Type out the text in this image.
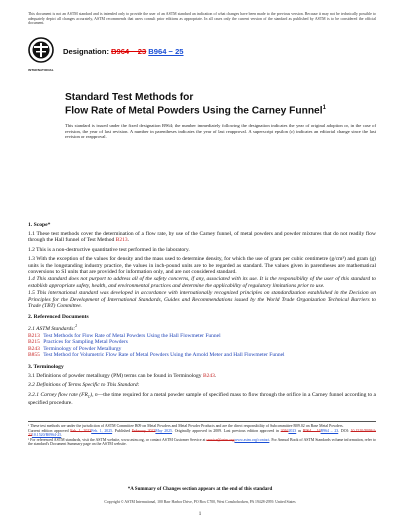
This document is not an ASTM standard and is intended only to provide the user of an ASTM standard an indication of what changes have been made to the previous version. Because it may not be technically possible to adequately depict all changes accurately, ASTM recommends that users consult prior editions as appropriate. In all cases only the current version of the standard as published by ASTM is to be considered the official document.

INTERNATIONAL
Designation: B964 − 23 B964 − 25
Standard Test Methods for
Flow Rate of Metal Powders Using the Carney Funnel$^1$

This standard is issued under the fixed designation B964; the number immediately following the designation indicates the year of original adoption or, in the case of revision, the year of last revision. A number in parentheses indicates the year of last reapproval. A superscript epsilon (ε) indicates an editorial change since the last revision or reapproval.

1. Scope*

1.1 These test methods cover the determination of a flow rate, by use of the Carney funnel, of metal powders and powder mixtures that do not readily flow through the Hall funnel of Test Method B213.

1.2 This is a non-destructive quantitative test performed in the laboratory.

1.3 With the exception of the values for density and the mass used to determine density, for which the use of gram per cubic centimetre (g/cm³) and gram (g) units is the longstanding industry practice, the values in inch-pound units are to be regarded as standard. The values given in parentheses are mathematical conversions to SI units that are provided for information only, and are not considered standard.

1.4 This standard does not purport to address all of the safety concerns, if any, associated with its use. It is the responsibility of the user of this standard to establish appropriate safety, health, and environmental practices and determine the applicability of regulatory limitations prior to use.

1.5 This international standard was developed in accordance with internationally recognized principles on standardization established in the Decision on Principles for the Development of International Standards, Guides and Recommendations issued by the World Trade Organization Technical Barriers to Trade (TBT) Committee.

2. Referenced Documents

2.1 ASTM Standards:$^2$

B213 Test Methods for Flow Rate of Metal Powders Using the Hall Flowmeter Funnel
B215 Practices for Sampling Metal Powders
B243 Terminology of Powder Metallurgy
B855 Test Method for Volumetric Flow Rate of Metal Powders Using the Arnold Meter and Hall Flowmeter Funnel

3. Terminology

3.1 Definitions of powder metallurgy (PM) terms can be found in Terminology B243.

3.2 Definitions of Terms Specific to This Standard:

3.2.1 Carney flow rate $(FR_C)$, n—the time required for a metal powder sample of specified mass to flow through the orifice in a Carney funnel according to a specified procedure.

¹ These test methods are under the jurisdiction of ASTM Committee B09 on Metal Powders and Metal Powder Products and are the direct responsibility of Subcommittee B09.02 on Base Metal Powders.

Current edition approved Feb. 1, 2023Feb. 1, 2025. Published February 2023May 2025. Originally approved in 2009. Last previous edition approved in 20162023 as B964 – 16B964 – 23. DOI: 10.1520/B0964-2310.1520/B0964-25.

² For referenced ASTM standards, visit the ASTM website, www.astm.org, or contact ASTM Customer Service at service@astm.orgwww.astm.org/contact. For Annual Book of ASTM Standards volume information, refer to the standard's Document Summary page on the ASTM website.

*A Summary of Changes section appears at the end of this standard
Copyright © ASTM International, 100 Barr Harbor Drive, PO Box C700, West Conshohocken, PA 19428-2959. United States
1
